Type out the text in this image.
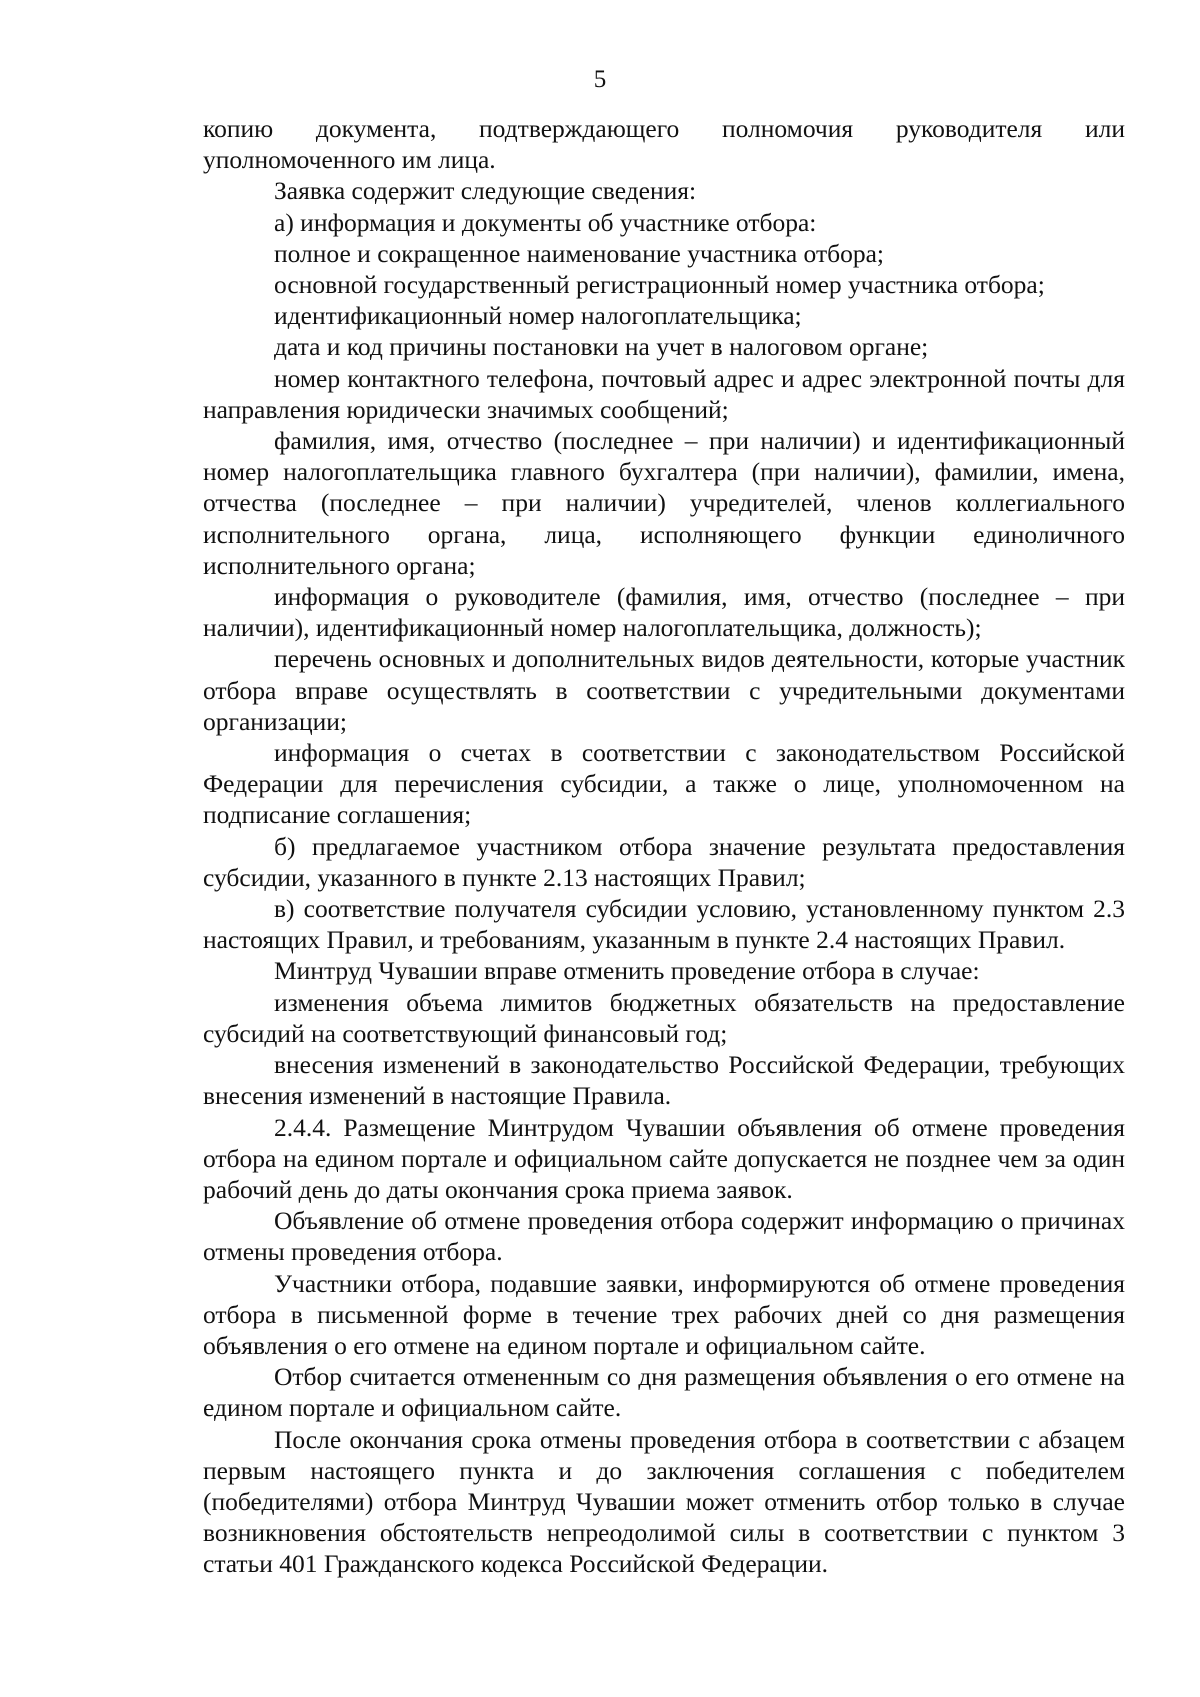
5

копию документа, подтверждающего полномочия руководителя или уполномоченного им лица.

Заявка содержит следующие сведения:

а) информация и документы об участнике отбора:

полное и сокращенное наименование участника отбора;

основной государственный регистрационный номер участника отбора;

идентификационный номер налогоплательщика;

дата и код причины постановки на учет в налоговом органе;

номер контактного телефона, почтовый адрес и адрес электронной почты для направления юридически значимых сообщений;

фамилия, имя, отчество (последнее – при наличии) и идентификационный номер налогоплательщика главного бухгалтера (при наличии), фамилии, имена, отчества (последнее – при наличии) учредителей, членов коллегиального исполнительного органа, лица, исполняющего функции единоличного исполнительного органа;

информация о руководителе (фамилия, имя, отчество (последнее – при наличии), идентификационный номер налогоплательщика, должность);

перечень основных и дополнительных видов деятельности, которые участник отбора вправе осуществлять в соответствии с учредительными документами организации;

информация о счетах в соответствии с законодательством Российской Федерации для перечисления субсидии, а также о лице, уполномоченном на подписание соглашения;

б) предлагаемое участником отбора значение результата предоставления субсидии, указанного в пункте 2.13 настоящих Правил;

в) соответствие получателя субсидии условию, установленному пунктом 2.3 настоящих Правил, и требованиям, указанным в пункте 2.4 настоящих Правил.

Минтруд Чувашии вправе отменить проведение отбора в случае:

изменения объема лимитов бюджетных обязательств на предоставление субсидий на соответствующий финансовый год;

внесения изменений в законодательство Российской Федерации, требующих внесения изменений в настоящие Правила.

2.4.4. Размещение Минтрудом Чувашии объявления об отмене проведения отбора на едином портале и официальном сайте допускается не позднее чем за один рабочий день до даты окончания срока приема заявок.

Объявление об отмене проведения отбора содержит информацию о причинах отмены проведения отбора.

Участники отбора, подавшие заявки, информируются об отмене проведения отбора в письменной форме в течение трех рабочих дней со дня размещения объявления о его отмене на едином портале и официальном сайте.

Отбор считается отмененным со дня размещения объявления о его отмене на едином портале и официальном сайте.

После окончания срока отмены проведения отбора в соответствии с абзацем первым настоящего пункта и до заключения соглашения с победителем (победителями) отбора Минтруд Чувашии может отменить отбор только в случае возникновения обстоятельств непреодолимой силы в соответствии с пунктом 3 статьи 401 Гражданского кодекса Российской Федерации.
